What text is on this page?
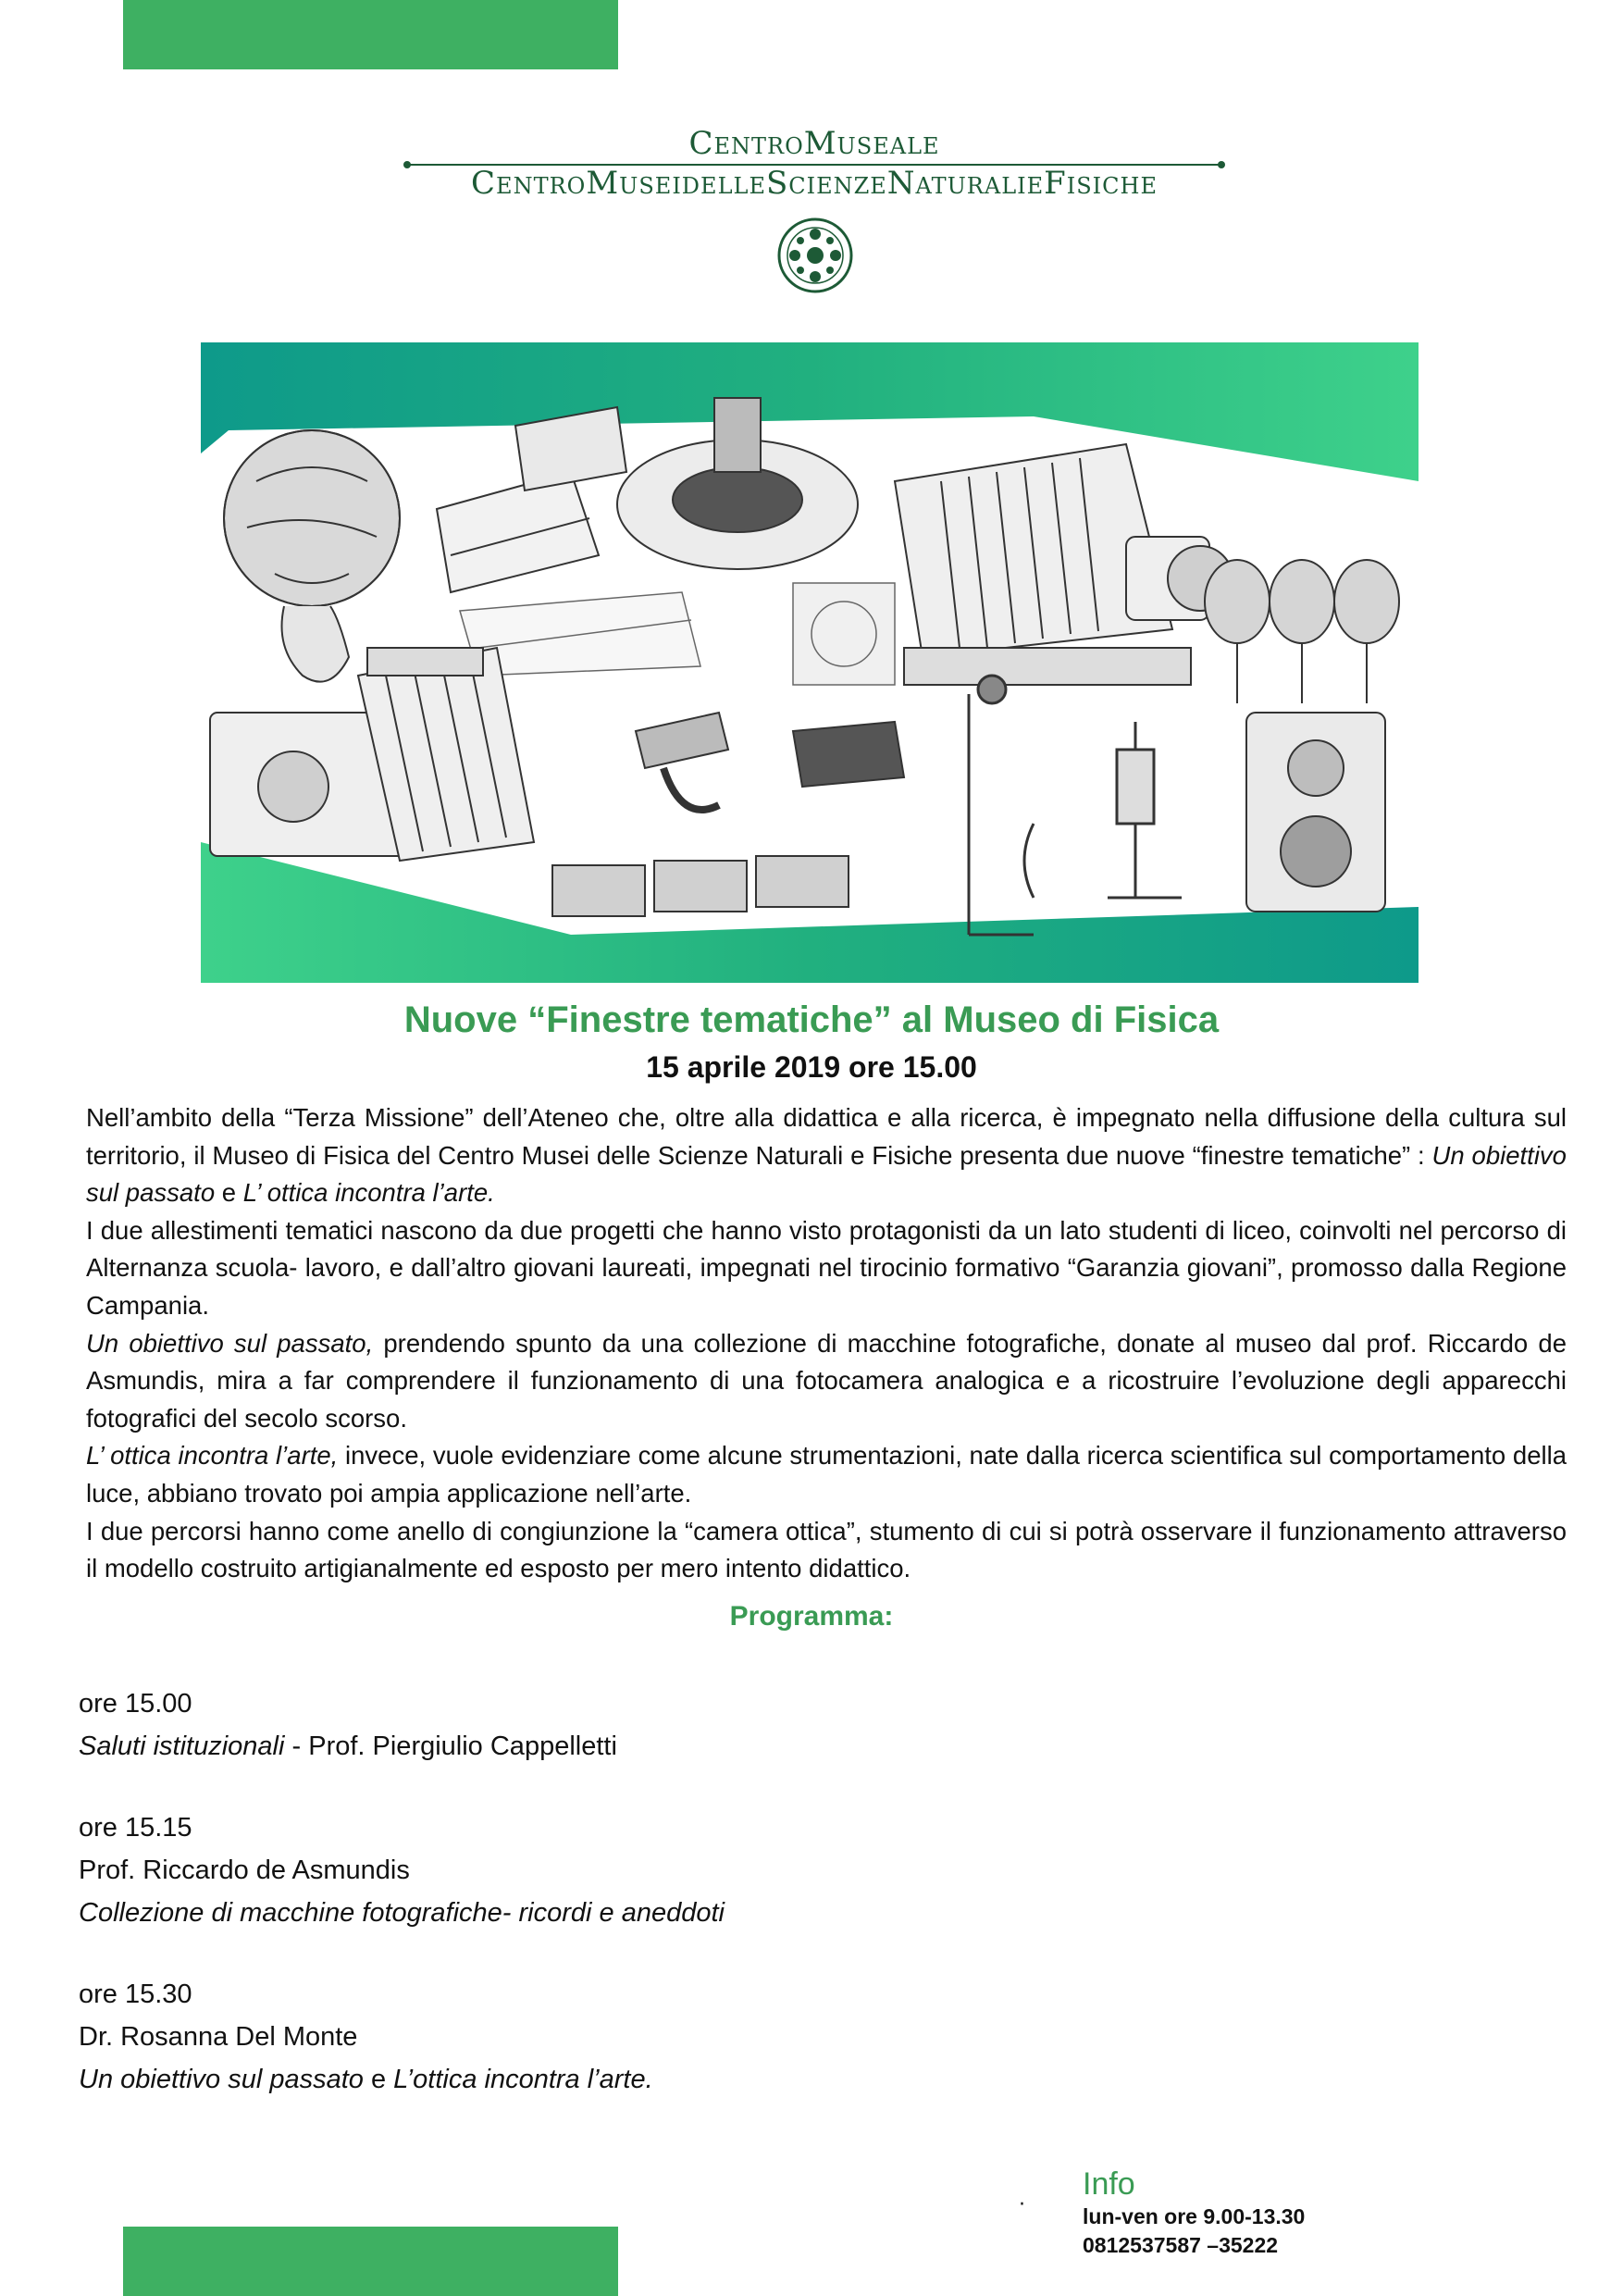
CentroMuseale
CentroMuseidelleScienzeNaturalieFisiche
Nuove “Finestre tematiche” al Museo di Fisica
15 aprile 2019 ore 15.00

Nell’ambito della “Terza Missione” dell’Ateneo che, oltre alla didattica e alla ricerca, è impegnato nella diffusione della cultura sul territorio, il Museo di Fisica del Centro Musei delle Scienze Naturali e Fisiche presenta due nuove “finestre tematiche” : Un obiettivo sul passato e L’ ottica incontra l’arte.

I due allestimenti tematici nascono da due progetti che hanno visto protagonisti da un lato studenti di liceo, coinvolti nel percorso di Alternanza scuola- lavoro, e dall’altro giovani laureati, impegnati nel tirocinio formativo “Garanzia giovani”, promosso dalla Regione Campania.

Un obiettivo sul passato, prendendo spunto da una collezione di macchine fotografiche, donate al museo dal prof. Riccardo de Asmundis, mira a far comprendere il funzionamento di una fotocamera analogica e a ricostruire l’evoluzione degli apparecchi fotografici del secolo scorso.

L’ ottica incontra l’arte, invece, vuole evidenziare come alcune strumentazioni, nate dalla ricerca scientifica sul comportamento della luce, abbiano trovato poi ampia applicazione nell’arte.

I due percorsi hanno come anello di congiunzione la “camera ottica”, stumento di cui si potrà osservare il funzionamento attraverso il modello costruito artigianalmente ed esposto per mero intento didattico.

Programma:
ore 15.00
Saluti istituzionali - Prof. Piergiulio Cappelletti
ore 15.15
Prof. Riccardo de Asmundis
Collezione di macchine fotografiche- ricordi e aneddoti
ore 15.30
Dr. Rosanna Del Monte
Un obiettivo sul passato e L’ottica incontra l’arte.
·
Info
lun-ven ore 9.00-13.30
0812537587 –35222
